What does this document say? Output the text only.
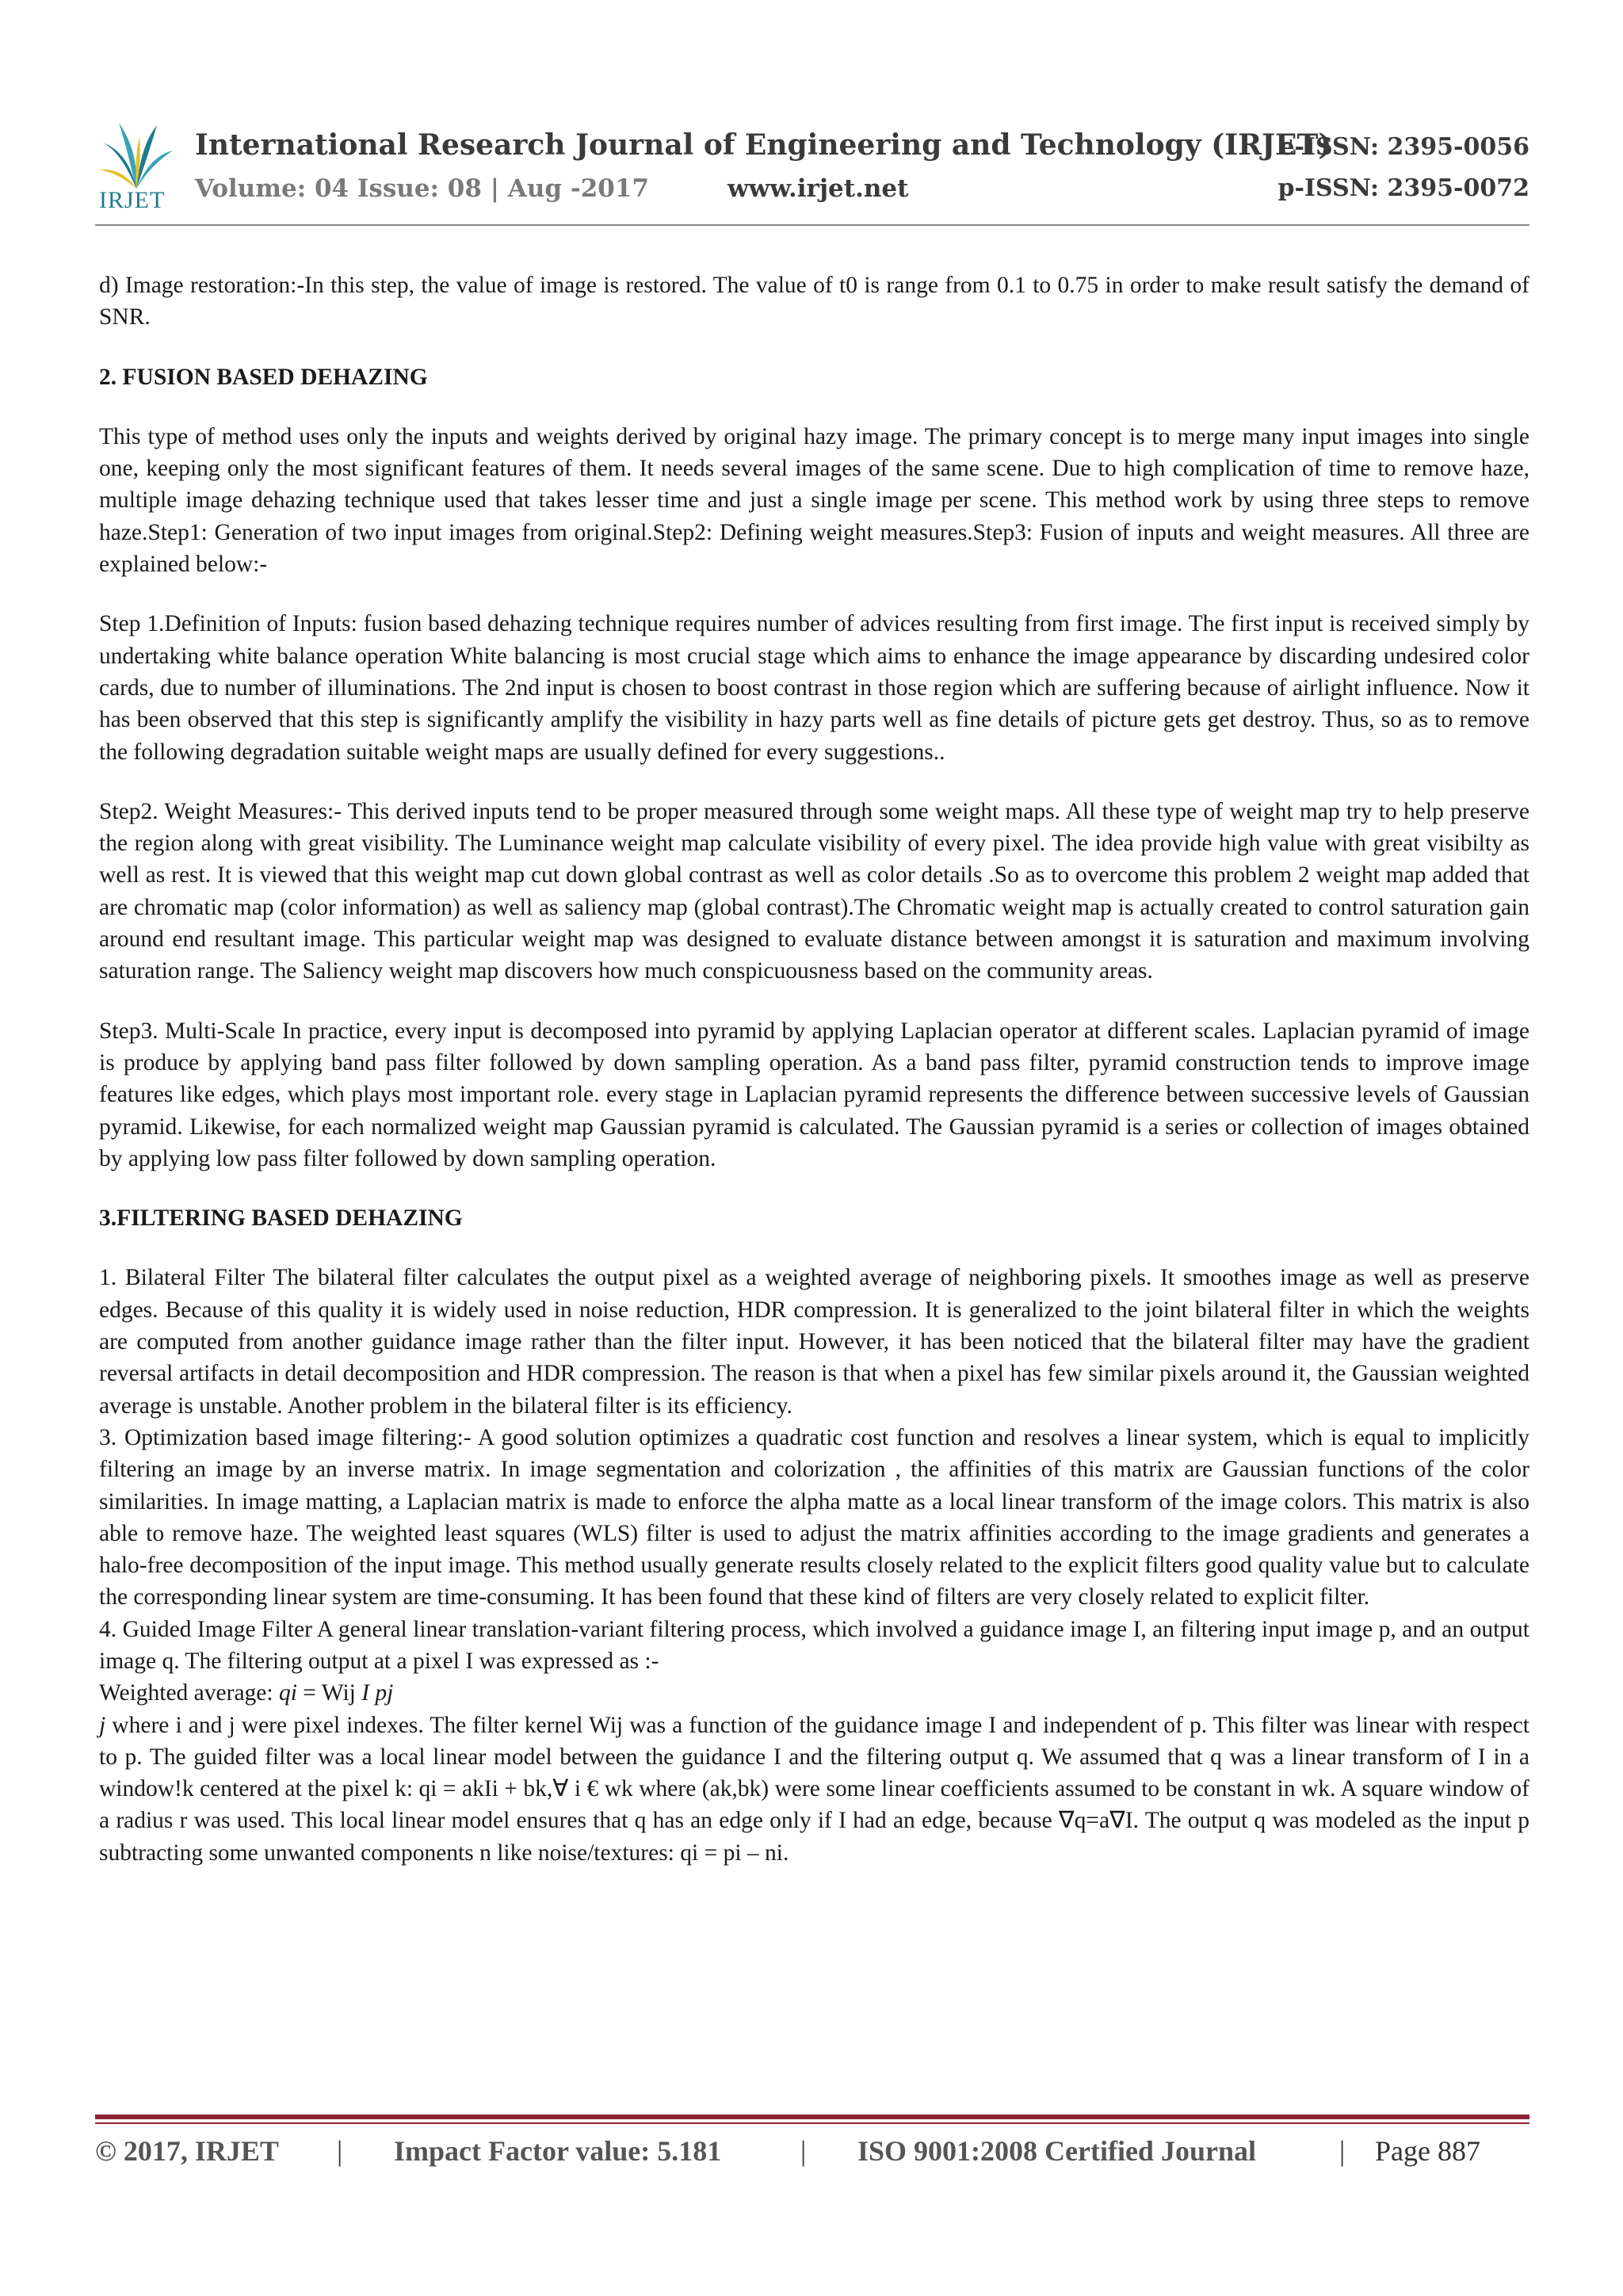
IRJET
International Research Journal of Engineering and Technology (IRJET)
e-ISSN: 2395-0056
Volume: 04 Issue: 08 | Aug -2017	www.irjet.net	p-ISSN: 2395-0072

d) Image restoration:-In this step, the value of image is restored. The value of t0 is range from 0.1 to 0.75 in order to make result satisfy the demand of SNR.

2. FUSION BASED DEHAZING

This type of method uses only the inputs and weights derived by original hazy image. The primary concept is to merge many input images into single one, keeping only the most significant features of them. It needs several images of the same scene. Due to high complication of time to remove haze, multiple image dehazing technique used that takes lesser time and just a single image per scene. This method work by using three steps to remove haze.Step1: Generation of two input images from original.Step2: Defining weight measures.Step3: Fusion of inputs and weight measures. All three are explained below:-

Step 1.Definition of Inputs: fusion based dehazing technique requires number of advices resulting from first image. The first input is received simply by undertaking white balance operation White balancing is most crucial stage which aims to enhance the image appearance by discarding undesired color cards, due to number of illuminations. The 2nd input is chosen to boost contrast in those region which are suffering because of airlight influence. Now it has been observed that this step is significantly amplify the visibility in hazy parts well as fine details of picture gets get destroy. Thus, so as to remove the following degradation suitable weight maps are usually defined for every suggestions..

Step2. Weight Measures:- This derived inputs tend to be proper measured through some weight maps. All these type of weight map try to help preserve the region along with great visibility. The Luminance weight map calculate visibility of every pixel. The idea provide high value with great visibilty as well as rest. It is viewed that this weight map cut down global contrast as well as color details .So as to overcome this problem 2 weight map added that are chromatic map (color information) as well as saliency map (global contrast).The Chromatic weight map is actually created to control saturation gain around end resultant image. This particular weight map was designed to evaluate distance between amongst it is saturation and maximum involving saturation range. The Saliency weight map discovers how much conspicuousness based on the community areas.

Step3. Multi-Scale In practice, every input is decomposed into pyramid by applying Laplacian operator at different scales. Laplacian pyramid of image is produce by applying band pass filter followed by down sampling operation. As a band pass filter, pyramid construction tends to improve image features like edges, which plays most important role. every stage in Laplacian pyramid represents the difference between successive levels of Gaussian pyramid. Likewise, for each normalized weight map Gaussian pyramid is calculated. The Gaussian pyramid is a series or collection of images obtained by applying low pass filter followed by down sampling operation.

3.FILTERING BASED DEHAZING

1. Bilateral Filter The bilateral filter calculates the output pixel as a weighted average of neighboring pixels. It smoothes image as well as preserve edges. Because of this quality it is widely used in noise reduction, HDR compression. It is generalized to the joint bilateral filter in which the weights are computed from another guidance image rather than the filter input. However, it has been noticed that the bilateral filter may have the gradient reversal artifacts in detail decomposition and HDR compression. The reason is that when a pixel has few similar pixels around it, the Gaussian weighted average is unstable. Another problem in the bilateral filter is its efficiency.

3. Optimization based image filtering:- A good solution optimizes a quadratic cost function and resolves a linear system, which is equal to implicitly filtering an image by an inverse matrix. In image segmentation and colorization , the affinities of this matrix are Gaussian functions of the color similarities. In image matting, a Laplacian matrix is made to enforce the alpha matte as a local linear transform of the image colors. This matrix is also able to remove haze. The weighted least squares (WLS) filter is used to adjust the matrix affinities according to the image gradients and generates a halo-free decomposition of the input image. This method usually generate results closely related to the explicit filters good quality value but to calculate the corresponding linear system are time-consuming. It has been found that these kind of filters are very closely related to explicit filter.

4. Guided Image Filter A general linear translation-variant filtering process, which involved a guidance image I, an filtering input image p, and an output image q. The filtering output at a pixel I was expressed as :-

Weighted average: qi = Wij I pj

j where i and j were pixel indexes. The filter kernel Wij was a function of the guidance image I and independent of p. This filter was linear with respect to p. The guided filter was a local linear model between the guidance I and the filtering output q. We assumed that q was a linear transform of I in a window!k centered at the pixel k: qi = akIi + bk,∀ i € wk where (ak,bk) were some linear coefficients assumed to be constant in wk. A square window of a radius r was used. This local linear model ensures that q has an edge only if I had an edge, because ∇q=a∇I. The output q was modeled as the input p subtracting some unwanted components n like noise/textures: qi = pi – ni.

© 2017, IRJET | Impact Factor value: 5.181	| ISO 9001:2008 Certified Journal	| Page 887
